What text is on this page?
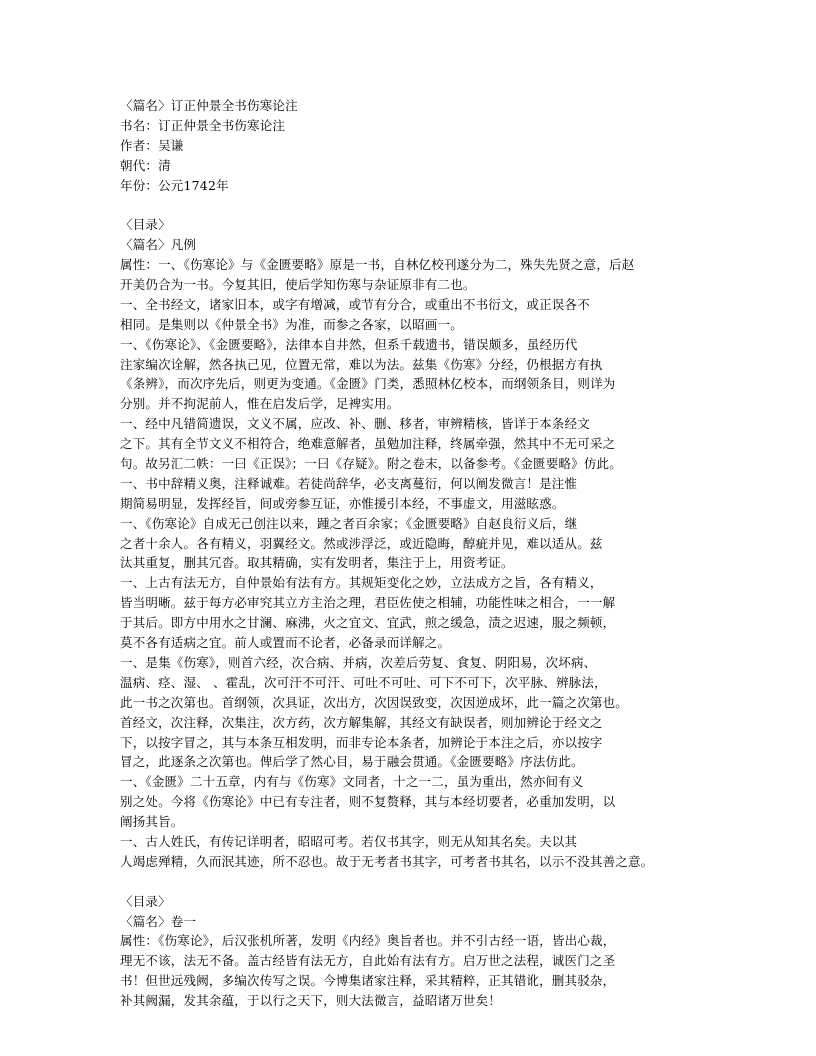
〈篇名〉订正仲景全书伤寒论注
书名：订正仲景全书伤寒论注
作者：吴谦
朝代：清
年份：公元1742年
〈目录〉
〈篇名〉凡例
属性：一、《伤寒论》与《金匮要略》原是一书，自林亿校刊遂分为二，殊失先贤之意，后赵
开美仍合为一书。今复其旧，使后学知伤寒与杂证原非有二也。
一、全书经文，诸家旧本，或字有增减，或节有分合，或重出不书衍文，或正误各不
相同。是集则以《仲景全书》为准，而参之各家，以昭画一。
一、《伤寒论》、《金匮要略》，法律本自井然，但系千载遗书，错误颇多，虽经历代
注家编次诠解，然各执己见，位置无常，难以为法。兹集《伤寒》分经，仍根据方有执
《条辨》，而次序先后，则更为变通。《金匮》门类，悉照林亿校本，而纲领条目，则详为
分别。并不拘泥前人，惟在启发后学，足裨实用。
一、经中凡错简遗误，文义不属，应改、补、删、移者，审辨精核，皆详于本条经文
之下。其有全节文义不相符合，绝难意解者，虽勉加注释，终属牵强，然其中不无可采之
句。故另汇二帙：一曰《正误》；一曰《存疑》。附之卷末，以备参考。《金匮要略》仿此。
一、书中辞精义奥，注释诚难。若徒尚辞华，必支离蔓衍，何以阐发微言！是注惟
期简易明显，发挥经旨，间或旁参互证，亦惟援引本经，不事虚文，用滋眩惑。
一、《伤寒论》自成无己创注以来，踵之者百余家；《金匮要略》自赵良衍义后，继
之者十余人。各有精义，羽翼经文。然或涉浮泛，或近隐晦，醇疵并见，难以适从。兹
汰其重复，删其冗沓。取其精确，实有发明者，集注于上，用资考证。
一、上古有法无方，自仲景始有法有方。其规矩变化之妙，立法成方之旨，各有精义，
皆当明晰。兹于每方必审究其立方主治之理，君臣佐使之相辅，功能性味之相合，一一解
于其后。即方中用水之甘澜、麻沸，火之宜文、宜武，煎之缓急，渍之迟速，服之频顿，
莫不各有适病之宜。前人或置而不论者，必备录而详解之。
一、是集《伤寒》，则首六经，次合病、并病，次差后劳复、食复、阴阳易，次坏病、
温病、痉、湿、 、霍乱，次可汗不可汗、可吐不可吐、可下不可下，次平脉、辨脉法，
此一书之次第也。首纲领，次具证，次出方，次因误致变，次因逆成坏，此一篇之次第也。
首经文，次注释，次集注，次方药，次方解集解，其经文有缺误者，则加辨论于经文之
下，以按字冒之，其与本条互相发明，而非专论本条者，加辨论于本注之后，亦以按字
冒之，此逐条之次第也。俾后学了然心目，易于融会贯通。《金匮要略》序法仿此。
一、《金匮》二十五章，内有与《伤寒》文同者，十之一二，虽为重出，然亦间有义
别之处。今将《伤寒论》中已有专注者，则不复赘释，其与本经切要者，必重加发明，以
阐扬其旨。
一、古人姓氏，有传记详明者，昭昭可考。若仅书其字，则无从知其名矣。夫以其
人竭虑殚精，久而泯其迹，所不忍也。故于无考者书其字，可考者书其名，以示不没其善之意。
〈目录〉
〈篇名〉卷一
属性：《伤寒论》，后汉张机所著，发明《内经》奥旨者也。并不引古经一语，皆出心裁，
理无不该，法无不备。盖古经皆有法无方，自此始有法有方。启万世之法程，诚医门之圣
书！但世远残阙，多编次传写之误。今博集诸家注释，采其精粹，正其错讹，删其驳杂，
补其阙漏，发其余蕴，于以行之天下，则大法微言，益昭诸万世矣！
